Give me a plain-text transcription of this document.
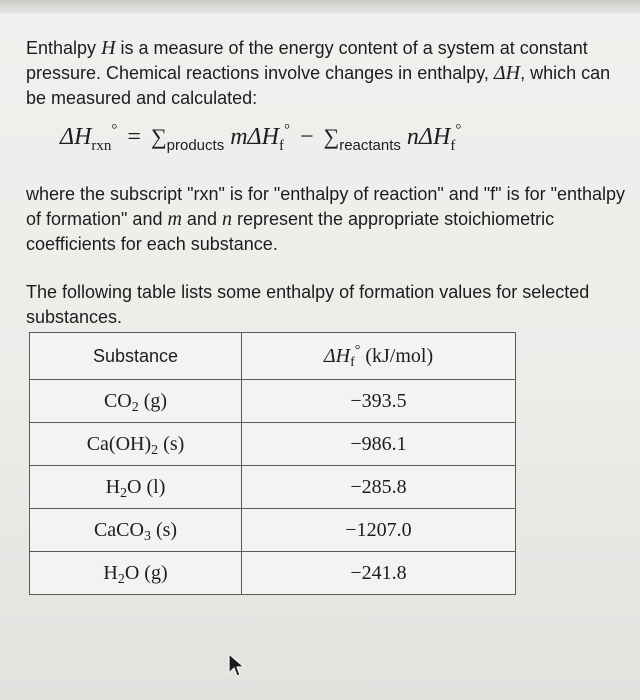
Enthalpy H is a measure of the energy content of a system at constant pressure. Chemical reactions involve changes in enthalpy, ΔH, which can be measured and calculated:

$\Delta H_{rxn}^\circ = \sum_{products}$ $m\Delta H_f^\circ - \sum_{reactants}$ nΔH$_f$°

where the subscript "rxn" is for "enthalpy of reaction" and "f" is for "enthalpy of formation" and m and n represent the appropriate stoichiometric coefficients for each substance.

The following table lists some enthalpy of formation values for selected substances.

Substance	$\Delta H_f^\circ$ (kJ/mol)
$CO_2$ (g)	−393.5
$Ca(OH)_2$ (s)	−986.1
$H_2O$ (l)	−285.8
CaCO$_3$ (s)	−1207.0
$H_2O$ (g)	−241.8
